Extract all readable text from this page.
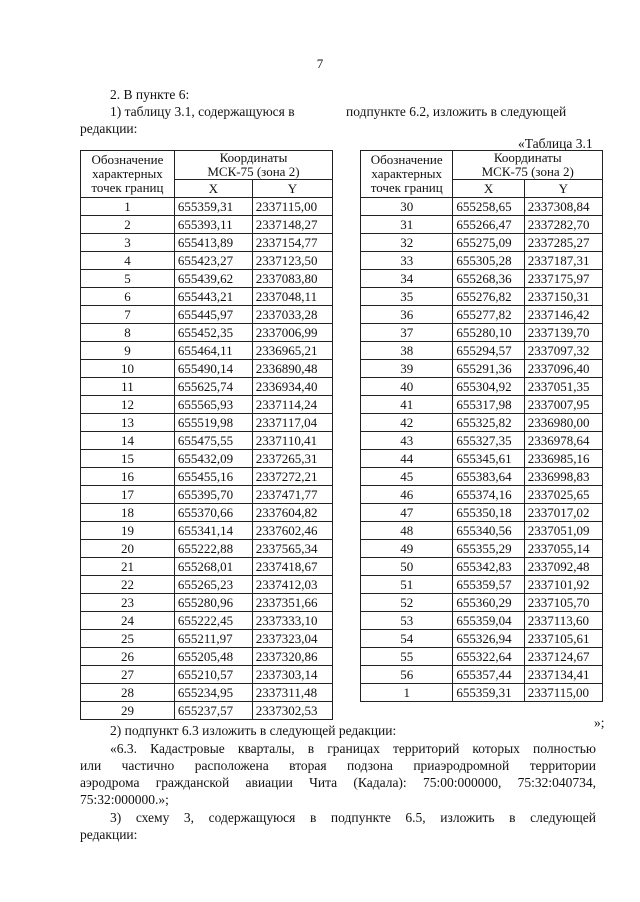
7
2. В пункте 6:
1) таблицу 3.1, содержащуюся в	подпункте 6.2, изложить в следующей
редакции:
«Таблица 3.1
Обозначение
характерных
точек границ	Координаты
МСК-75 (зона 2)	

	X	Y
1	655359,31	2337115,00
2	655393,11	2337148,27
3	655413,89	2337154,77
4	655423,27	2337123,50
5	655439,62	2337083,80
6	655443,21	2337048,11
7	655445,97	2337033,28
8	655452,35	2337006,99
9	655464,11	2336965,21
10	655490,14	2336890,48
11	655625,74	2336934,40
12	655565,93	2337114,24
13	655519,98	2337117,04
14	655475,55	2337110,41
15	655432,09	2337265,31
16	655455,16	2337272,21
17	655395,70	2337471,77
18	655370,66	2337604,82
19	655341,14	2337602,46
20	655222,88	2337565,34
21	655268,01	2337418,67
22	655265,23	2337412,03
23	655280,96	2337351,66
24	655222,45	2337333,10
25	655211,97	2337323,04
26	655205,48	2337320,86
27	655210,57	2337303,14
28	655234,95	2337311,48
29	655237,57	2337302,53
Обозначение
характерных
точек границ	Координаты
МСК-75 (зона 2)	

	X	Y
30	655258,65	2337308,84
31	655266,47	2337282,70
32	655275,09	2337285,27
33	655305,28	2337187,31
34	655268,36	2337175,97
35	655276,82	2337150,31
36	655277,82	2337146,42
37	655280,10	2337139,70
38	655294,57	2337097,32
39	655291,36	2337096,40
40	655304,92	2337051,35
41	655317,98	2337007,95
42	655325,82	2336980,00
43	655327,35	2336978,64
44	655345,61	2336985,16
45	655383,64	2336998,83
46	655374,16	2337025,65
47	655350,18	2337017,02
48	655340,56	2337051,09
49	655355,29	2337055,14
50	655342,83	2337092,48
51	655359,57	2337101,92
52	655360,29	2337105,70
53	655359,04	2337113,60
54	655326,94	2337105,61
55	655322,64	2337124,67
56	655357,44	2337134,41
1	655359,31	2337115,00
»;
2) подпункт 6.3 изложить в следующей редакции:
«6.3. Кадастровые кварталы, в границах территорий которых полностью
или частично расположена вторая подзона приаэродромной территории
аэродрома гражданской авиации Чита (Кадала): 75:00:000000, 75:32:040734,
75:32:000000.»;
3) схему 3, содержащуюся в подпункте 6.5, изложить в следующей
редакции:
